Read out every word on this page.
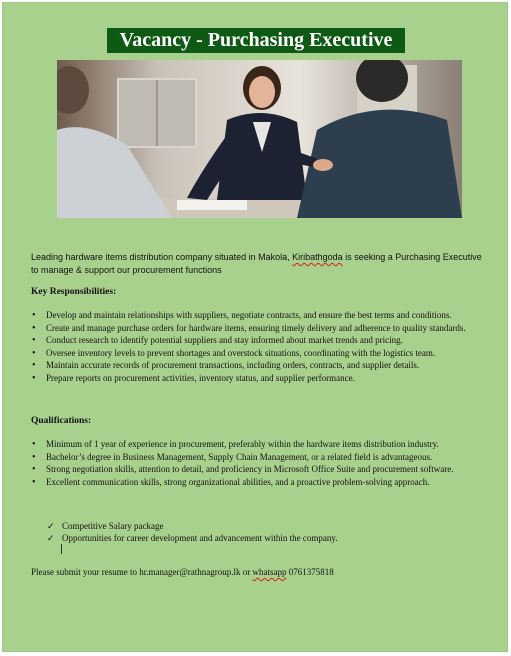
Vacancy - Purchasing Executive

Leading hardware items distribution company situated in Makola, Kiribathgoda is seeking a Purchasing Executive to manage & support our procurement functions

Key Responsibilities:

• Develop and maintain relationships with suppliers, negotiate contracts, and ensure the best terms and conditions.
• Create and manage purchase orders for hardware items, ensuring timely delivery and adherence to quality standards.
• Conduct research to identify potential suppliers and stay informed about market trends and pricing.
• Oversee inventory levels to prevent shortages and overstock situations, coordinating with the logistics team.
• Maintain accurate records of procurement transactions, including orders, contracts, and supplier details.
• Prepare reports on procurement activities, inventory status, and supplier performance.

Qualifications:

• Minimum of 1 year of experience in procurement, preferably within the hardware items distribution industry.
• Bachelor’s degree in Business Management, Supply Chain Management, or a related field is advantageous.
• Strong negotiation skills, attention to detail, and proficiency in Microsoft Office Suite and procurement software.
• Excellent communication skills, strong organizational abilities, and a proactive problem-solving approach.
✓ Competitive Salary package
✓ Opportunities for career development and advancement within the company.

Please submit your resume to hr.manager@rathnagroup.lk or whatsapp 0761375818
